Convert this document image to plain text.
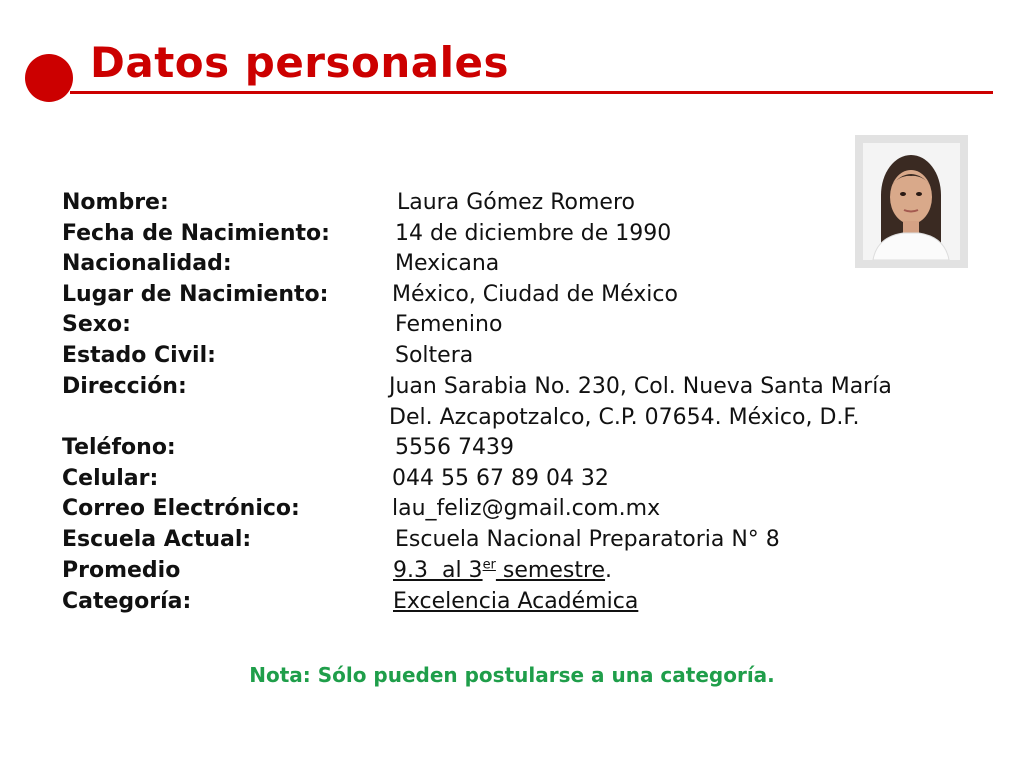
Datos personales
Nombre:	Laura Gómez Romero
Fecha de Nacimiento:	14 de diciembre de 1990
Nacionalidad:	Mexicana
Lugar de Nacimiento:	México, Ciudad de México
Sexo:	Femenino
Estado Civil:	Soltera
Dirección:	Juan Sarabia No. 230, Col. Nueva Santa María
Del. Azcapotzalco, C.P. 07654. México, D.F.
Teléfono:	5556 7439
Celular:	044 55 67 89 04 32
Correo Electrónico:	lau_feliz@gmail.com.mx
Escuela Actual:	Escuela Nacional Preparatoria N° 8
Promedio	9.3  al 3er semestre.
Categoría:	Excelencia Académica
Nota: Sólo pueden postularse a una categoría.
